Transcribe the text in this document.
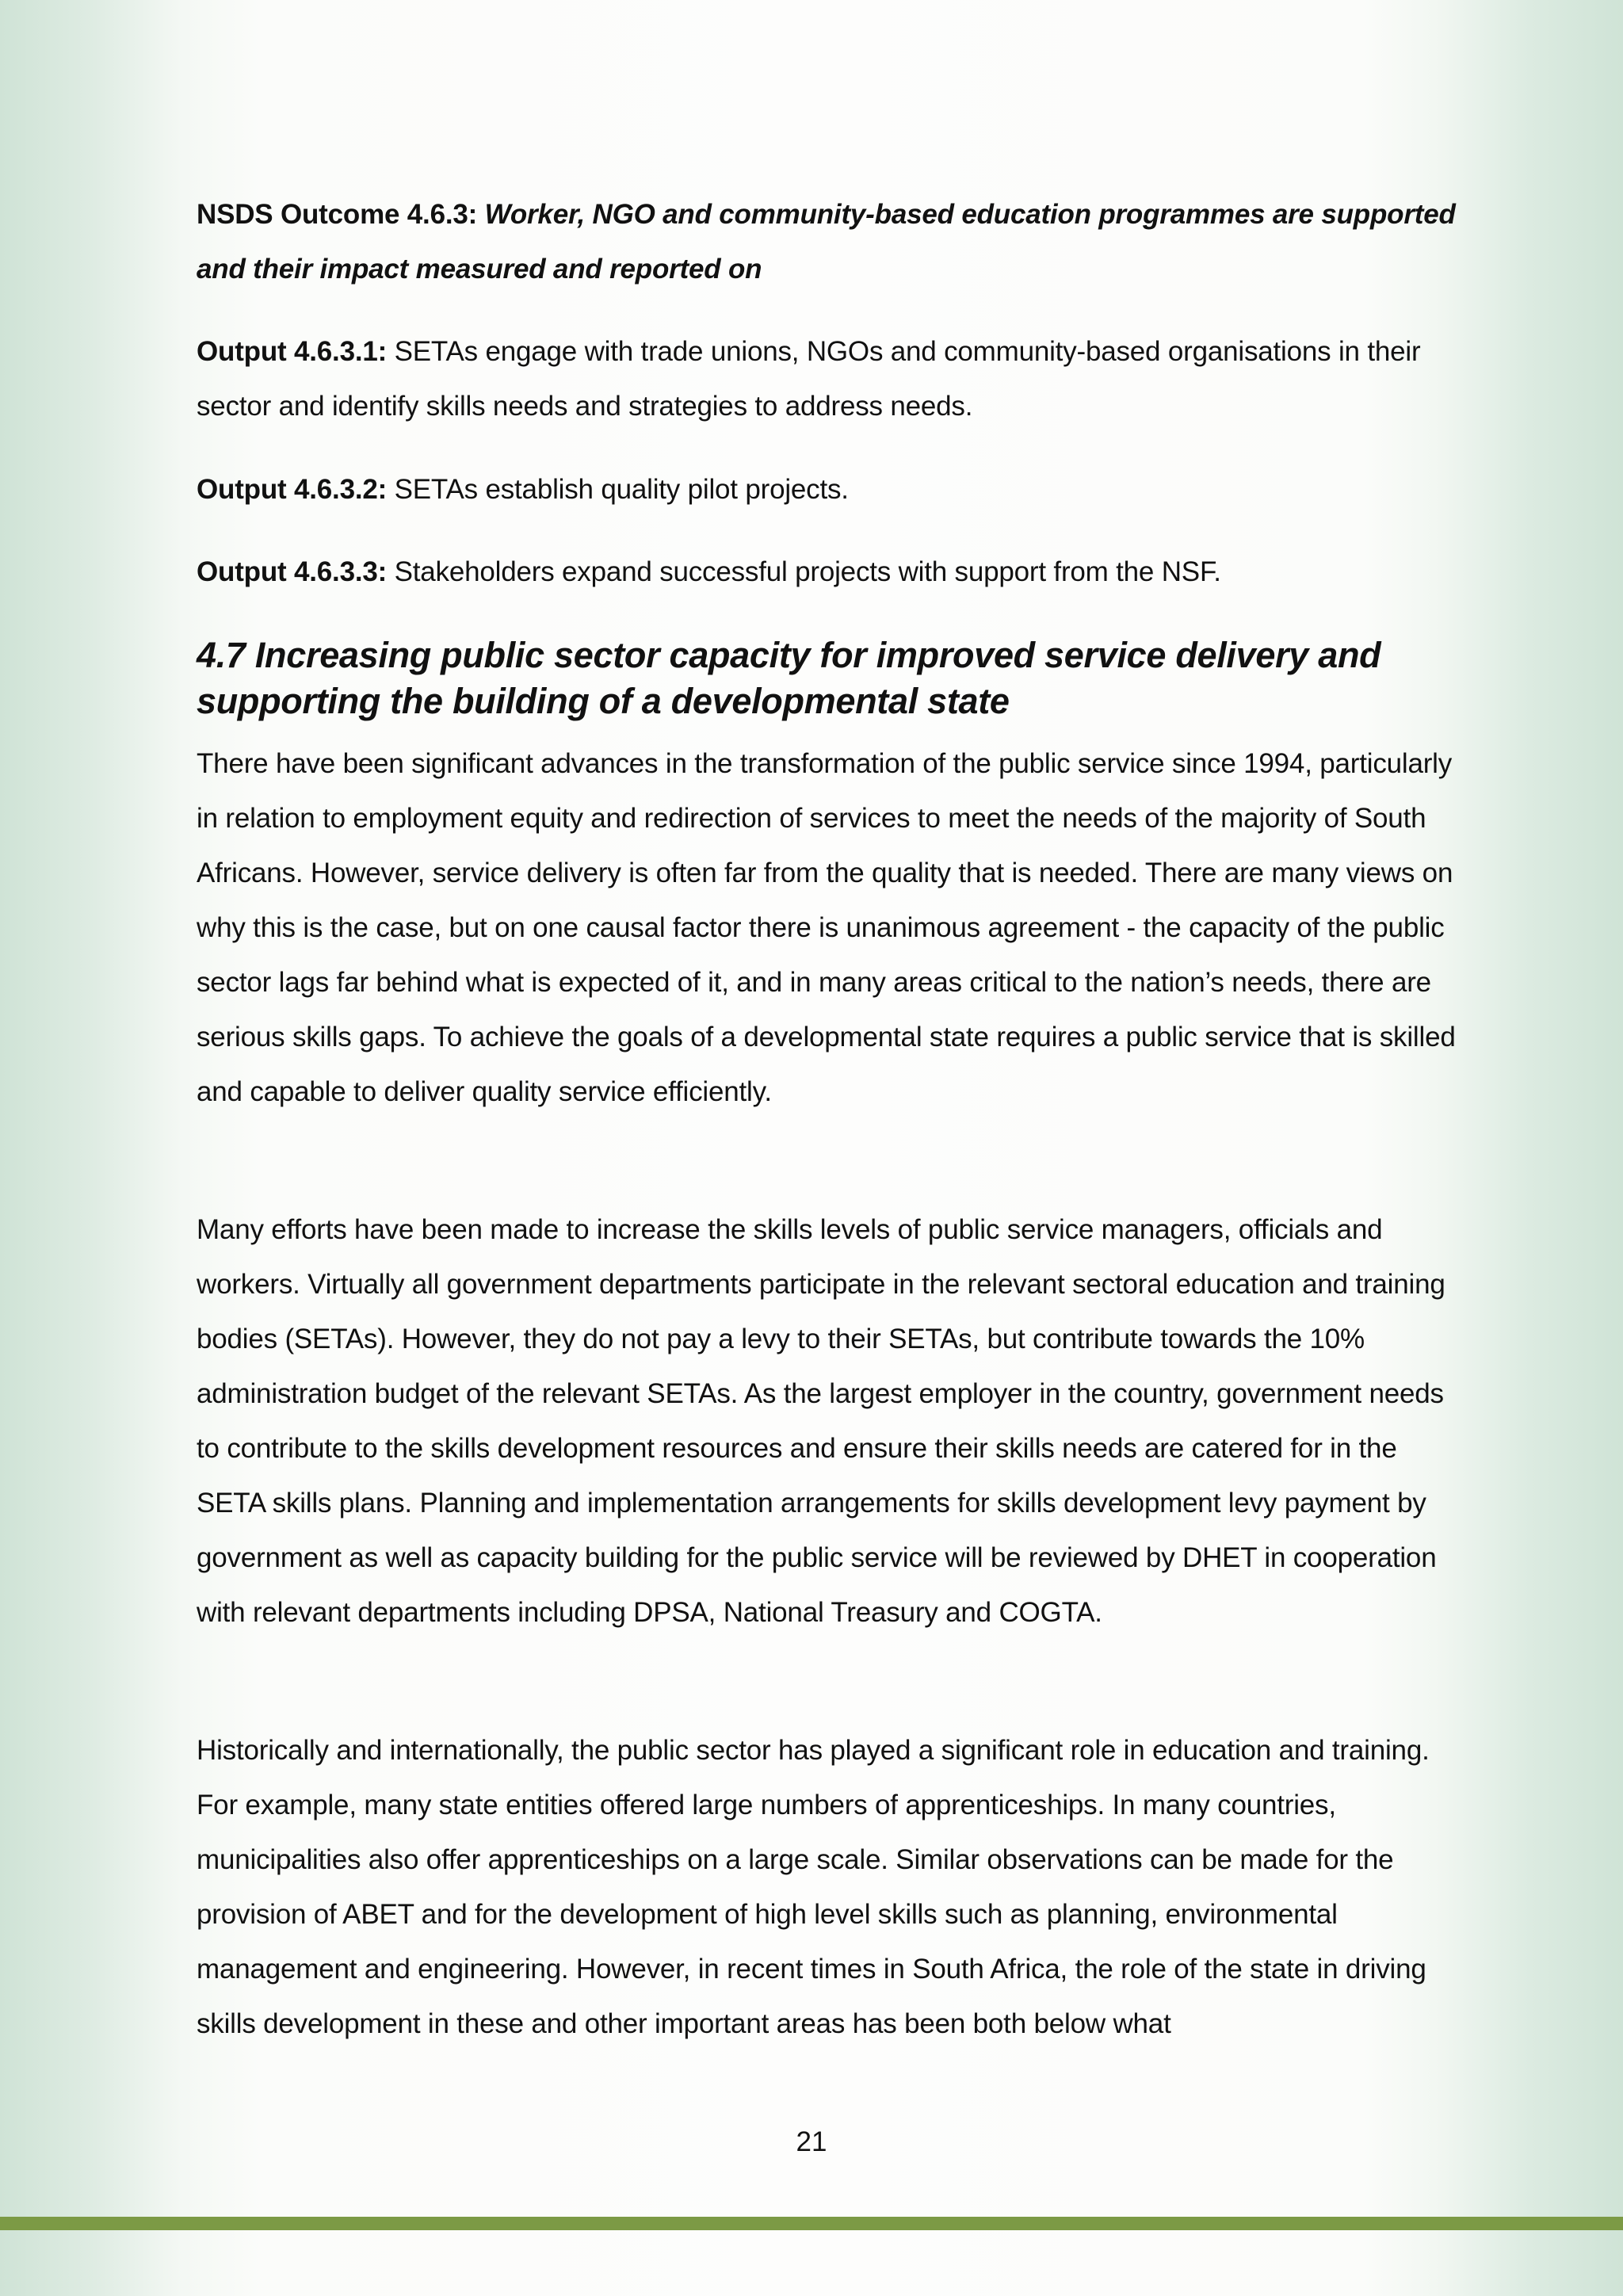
NSDS Outcome 4.6.3: Worker, NGO and community-based education programmes are supported and their impact measured and reported on

Output 4.6.3.1: SETAs engage with trade unions, NGOs and community-based organisations in their sector and identify skills needs and strategies to address needs.

Output 4.6.3.2: SETAs establish quality pilot projects.

Output 4.6.3.3: Stakeholders expand successful projects with support from the NSF.

4.7 Increasing public sector capacity for improved service delivery and supporting the building of a developmental state

There have been significant advances in the transformation of the public service since 1994, particularly in relation to employment equity and redirection of services to meet the needs of the majority of South Africans. However, service delivery is often far from the quality that is needed. There are many views on why this is the case, but on one causal factor there is unanimous agreement - the capacity of the public sector lags far behind what is expected of it, and in many areas critical to the nation’s needs, there are serious skills gaps. To achieve the goals of a developmental state requires a public service that is skilled and capable to deliver quality service efficiently.

Many efforts have been made to increase the skills levels of public service managers, officials and workers. Virtually all government departments participate in the relevant sectoral education and training bodies (SETAs). However, they do not pay a levy to their SETAs, but contribute towards the 10% administration budget of the relevant SETAs. As the largest employer in the country, government needs to contribute to the skills development resources and ensure their skills needs are catered for in the SETA skills plans. Planning and implementation arrangements for skills development levy payment by government as well as capacity building for the public service will be reviewed by DHET in cooperation with relevant departments including DPSA, National Treasury and COGTA.

Historically and internationally, the public sector has played a significant role in education and training. For example, many state entities offered large numbers of apprenticeships. In many countries, municipalities also offer apprenticeships on a large scale. Similar observations can be made for the provision of ABET and for the development of high level skills such as planning, environmental management and engineering. However, in recent times in South Africa, the role of the state in driving skills development in these and other important areas has been both below what

21
